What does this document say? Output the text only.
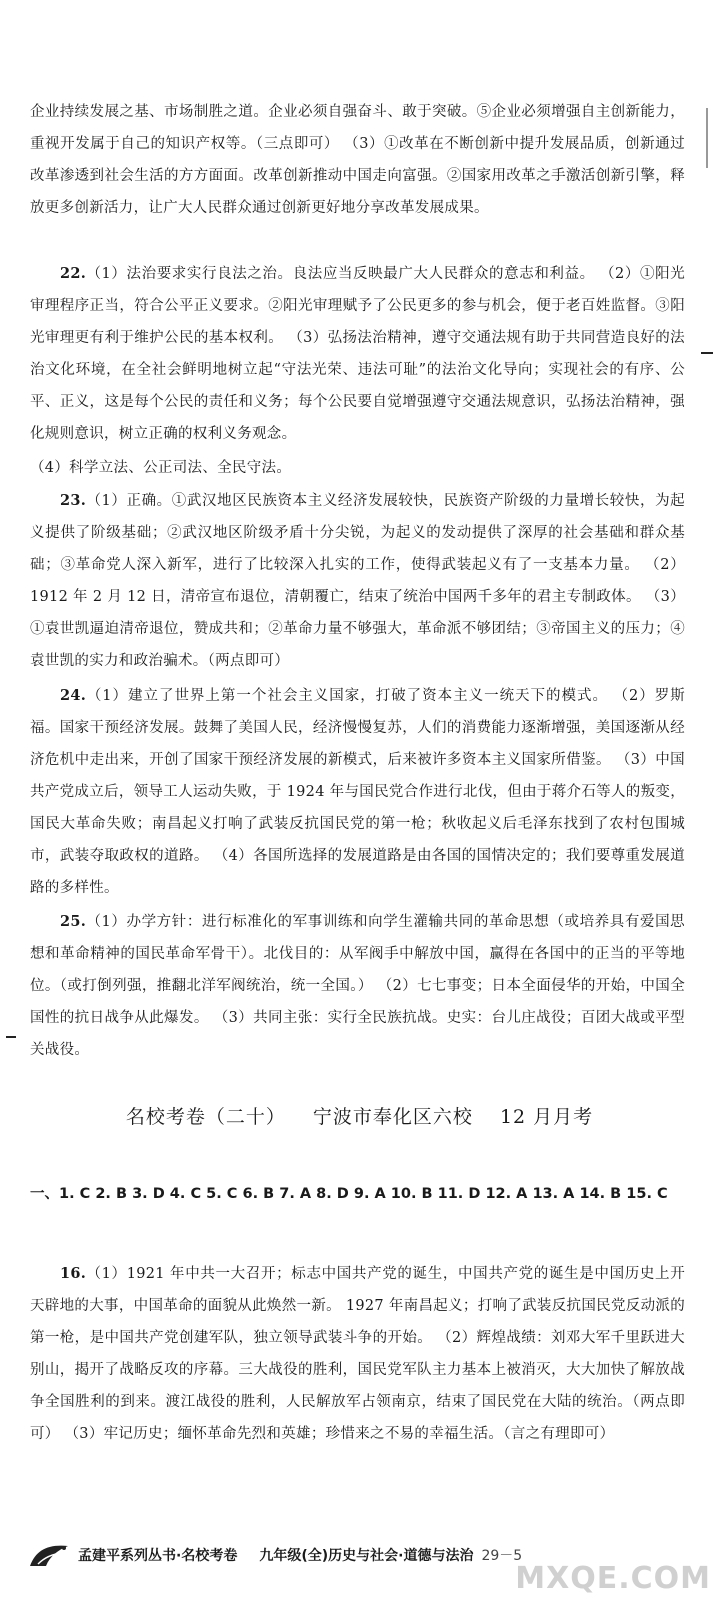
企业持续发展之基、市场制胜之道。企业必须自强奋斗、敢于突破。⑤企业必须增强自主创新能力，重视开发属于自己的知识产权等。（三点即可） （3）①改革在不断创新中提升发展品质，创新通过改革渗透到社会生活的方方面面。改革创新推动中国走向富强。②国家用改革之手激活创新引擎，释放更多创新活力，让广大人民群众通过创新更好地分享改革发展成果。

22.（1）法治要求实行良法之治。良法应当反映最广大人民群众的意志和利益。 （2）①阳光审理程序正当，符合公平正义要求。②阳光审理赋予了公民更多的参与机会，便于老百姓监督。③阳光审理更有利于维护公民的基本权利。 （3）弘扬法治精神，遵守交通法规有助于共同营造良好的法治文化环境，在全社会鲜明地树立起“守法光荣、违法可耻”的法治文化导向；实现社会的有序、公平、正义，这是每个公民的责任和义务；每个公民要自觉增强遵守交通法规意识，弘扬法治精神，强化规则意识，树立正确的权利义务观念。

（4）科学立法、公正司法、全民守法。

23.（1）正确。①武汉地区民族资本主义经济发展较快，民族资产阶级的力量增长较快，为起义提供了阶级基础；②武汉地区阶级矛盾十分尖锐，为起义的发动提供了深厚的社会基础和群众基础；③革命党人深入新军，进行了比较深入扎实的工作，使得武装起义有了一支基本力量。 （2）1912 年 2 月 12 日，清帝宣布退位，清朝覆亡，结束了统治中国两千多年的君主专制政体。 （3）①袁世凯逼迫清帝退位，赞成共和；②革命力量不够强大，革命派不够团结；③帝国主义的压力；④袁世凯的实力和政治骗术。（两点即可）

24.（1）建立了世界上第一个社会主义国家，打破了资本主义一统天下的模式。 （2）罗斯福。国家干预经济发展。鼓舞了美国人民，经济慢慢复苏，人们的消费能力逐渐增强，美国逐渐从经济危机中走出来，开创了国家干预经济发展的新模式，后来被许多资本主义国家所借鉴。 （3）中国共产党成立后，领导工人运动失败，于 1924 年与国民党合作进行北伐，但由于蒋介石等人的叛变，国民大革命失败；南昌起义打响了武装反抗国民党的第一枪；秋收起义后毛泽东找到了农村包围城市，武装夺取政权的道路。 （4）各国所选择的发展道路是由各国的国情决定的；我们要尊重发展道路的多样性。

25.（1）办学方针：进行标准化的军事训练和向学生灌输共同的革命思想（或培养具有爱国思想和革命精神的国民革命军骨干）。北伐目的：从军阀手中解放中国，赢得在各国中的正当的平等地位。（或打倒列强，推翻北洋军阀统治，统一全国。） （2）七七事变；日本全面侵华的开始，中国全国性的抗日战争从此爆发。 （3）共同主张：实行全民族抗战。史实：台儿庄战役；百团大战或平型关战役。

名校考卷（二十） 宁波市奉化区六校 12 月月考
一、1. C 2. B 3. D 4. C 5. C 6. B 7. A 8. D 9. A 10. B 11. D 12. A 13. A 14. B 15. C

16.（1）1921 年中共一大召开；标志中国共产党的诞生，中国共产党的诞生是中国历史上开天辟地的大事，中国革命的面貌从此焕然一新。 1927 年南昌起义；打响了武装反抗国民党反动派的第一枪，是中国共产党创建军队，独立领导武装斗争的开始。 （2）辉煌战绩：刘邓大军千里跃进大别山，揭开了战略反攻的序幕。三大战役的胜利，国民党军队主力基本上被消灭，大大加快了解放战争全国胜利的到来。渡江战役的胜利，人民解放军占领南京，结束了国民党在大陆的统治。（两点即可） （3）牢记历史；缅怀革命先烈和英雄；珍惜来之不易的幸福生活。（言之有理即可）

孟建平系列丛书·名校考卷 九年级(全)历史与社会·道德与法治 29－5
MXQE.COM
